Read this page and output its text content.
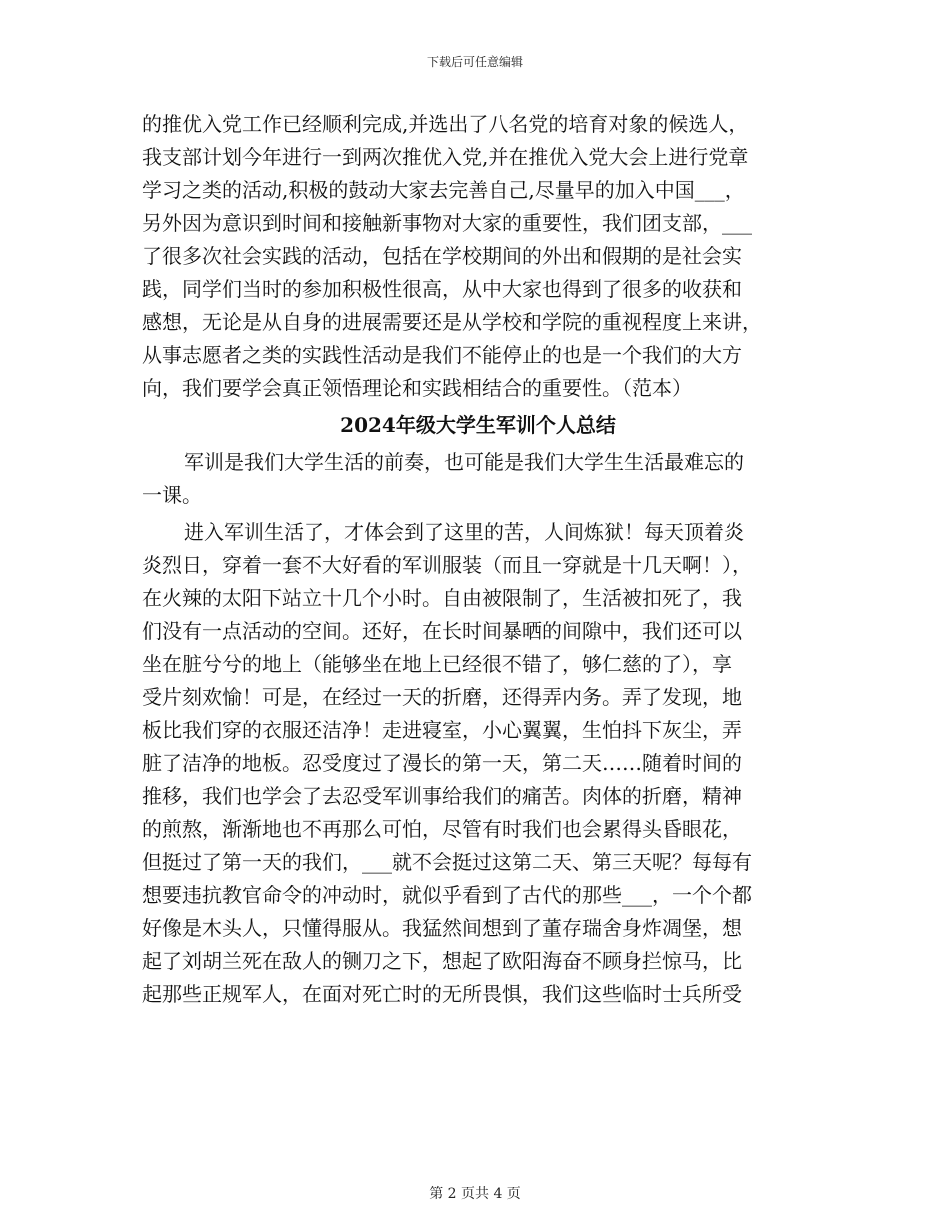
下载后可任意编辑
的推优入党工作已经顺利完成,并选出了八名党的培育对象的候选人，
我支部计划今年进行一到两次推优入党,并在推优入党大会上进行党章
学习之类的活动,积极的鼓动大家去完善自己,尽量早的加入中国___，
另外因为意识到时间和接触新事物对大家的重要性，我们团支部，___
了很多次社会实践的活动，包括在学校期间的外出和假期的是社会实
践，同学们当时的参加积极性很高，从中大家也得到了很多的收获和
感想，无论是从自身的进展需要还是从学校和学院的重视程度上来讲，
从事志愿者之类的实践性活动是我们不能停止的也是一个我们的大方
向，我们要学会真正领悟理论和实践相结合的重要性。（范本）
2024年级大学生军训个人总结
军训是我们大学生活的前奏，也可能是我们大学生生活最难忘的
一课。
进入军训生活了，才体会到了这里的苦，人间炼狱！每天顶着炎
炎烈日，穿着一套不大好看的军训服装（而且一穿就是十几天啊！），
在火辣的太阳下站立十几个小时。自由被限制了，生活被扣死了，我
们没有一点活动的空间。还好，在长时间暴晒的间隙中，我们还可以
坐在脏兮兮的地上（能够坐在地上已经很不错了，够仁慈的了），享
受片刻欢愉！可是，在经过一天的折磨，还得弄内务。弄了发现，地
板比我们穿的衣服还洁净！走进寝室，小心翼翼，生怕抖下灰尘，弄
脏了洁净的地板。忍受度过了漫长的第一天，第二天……随着时间的
推移，我们也学会了去忍受军训事给我们的痛苦。肉体的折磨，精神
的煎熬，渐渐地也不再那么可怕，尽管有时我们也会累得头昏眼花，
但挺过了第一天的我们，___就不会挺过这第二天、第三天呢？每每有
想要违抗教官命令的冲动时，就似乎看到了古代的那些___，一个个都
好像是木头人，只懂得服从。我猛然间想到了董存瑞舍身炸凋堡，想
起了刘胡兰死在敌人的铡刀之下，想起了欧阳海奋不顾身拦惊马，比
起那些正规军人，在面对死亡时的无所畏惧，我们这些临时士兵所受
第 2 页共 4 页
